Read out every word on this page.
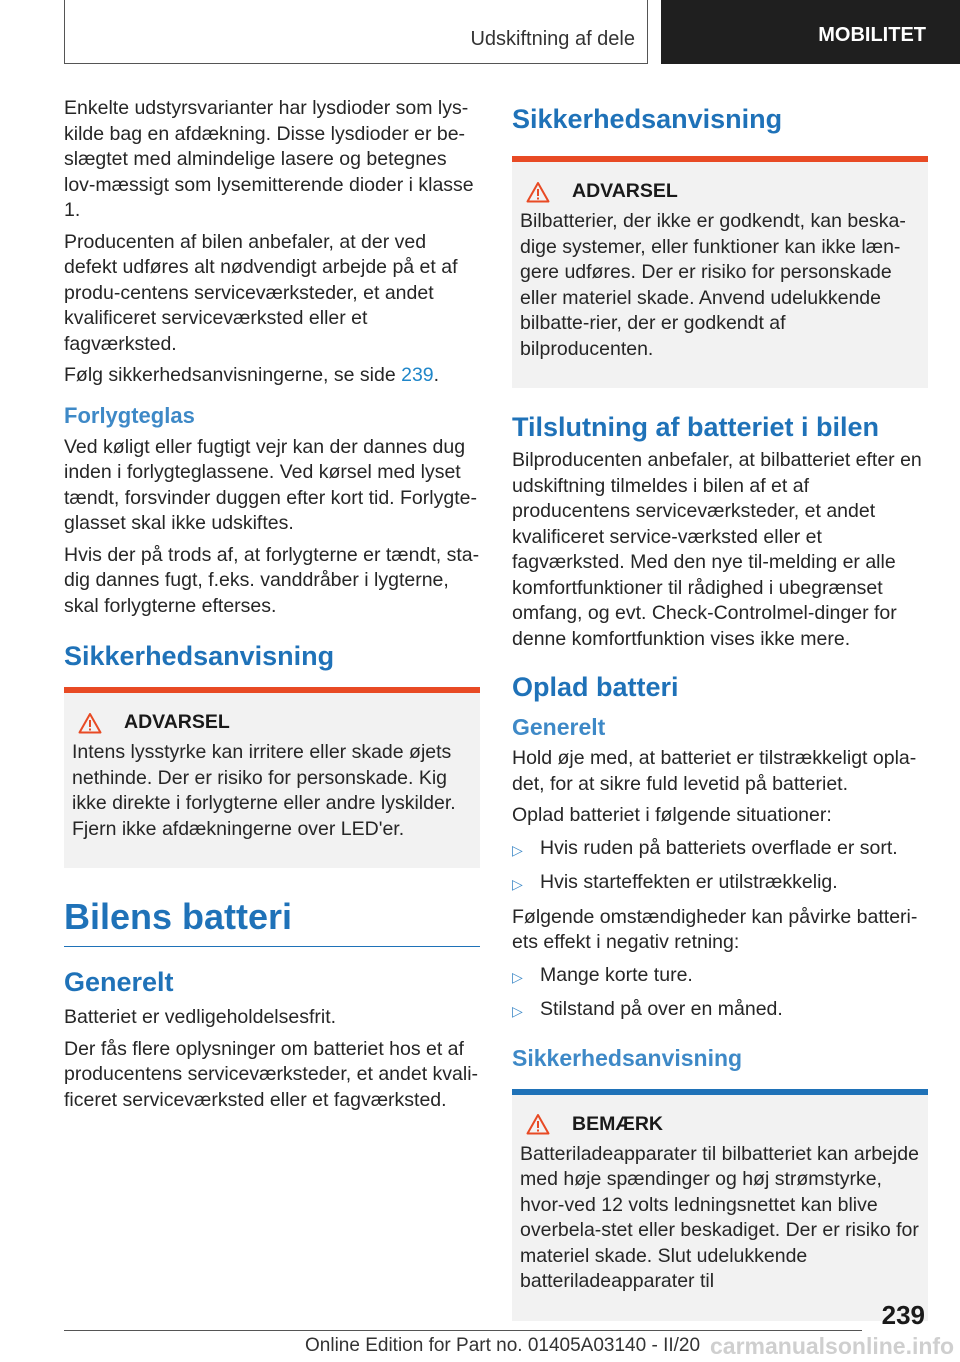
Udskiftning af dele	MOBILITET

Enkelte udstyrsvarianter har lysdioder som lys-kilde bag en afdækning. Disse lysdioder er be-slægtet med almindelige lasere og betegnes lov-mæssigt som lysemitterende dioder i klasse 1.

Producenten af bilen anbefaler, at der ved defekt udføres alt nødvendigt arbejde på et af produ-centens serviceværksteder, et andet kvalificeret serviceværksted eller et fagværksted.

Følg sikkerhedsanvisningerne, se side 239.

Forlygteglas

Ved køligt eller fugtigt vejr kan der dannes dug inden i forlygteglassene. Ved kørsel med lyset tændt, forsvinder duggen efter kort tid. Forlygte-glasset skal ikke udskiftes.

Hvis der på trods af, at forlygterne er tændt, sta-dig dannes fugt, f.eks. vanddråber i lygterne, skal forlygterne efterses.

Sikkerhedsanvisning
ADVARSEL

Intens lysstyrke kan irritere eller skade øjets nethinde. Der er risiko for personskade. Kig ikke direkte i forlygterne eller andre lyskilder. Fjern ikke afdækningerne over LED'er.

Bilens batteri
Generelt

Batteriet er vedligeholdelsesfrit.

Der fås flere oplysninger om batteriet hos et af producentens serviceværksteder, et andet kvali-ficeret serviceværksted eller et fagværksted.

Sikkerhedsanvisning
ADVARSEL

Bilbatterier, der ikke er godkendt, kan beska-dige systemer, eller funktioner kan ikke læn-gere udføres. Der er risiko for personskade eller materiel skade. Anvend udelukkende bilbatte-rier, der er godkendt af bilproducenten.

Tilslutning af batteriet i bilen

Bilproducenten anbefaler, at bilbatteriet efter en udskiftning tilmeldes i bilen af et af producentens serviceværksteder, et andet kvalificeret service-værksted eller et fagværksted. Med den nye til-melding er alle komfortfunktioner til rådighed i ubegrænset omfang, og evt. Check-Controlmel-dinger for denne komfortfunktion vises ikke mere.

Oplad batteri
Generelt

Hold øje med, at batteriet er tilstrækkeligt opla-det, for at sikre fuld levetid på batteriet.

Oplad batteriet i følgende situationer:

▷ Hvis ruden på batteriets overflade er sort.
▷ Hvis starteffekten er utilstrækkelig.

Følgende omstændigheder kan påvirke batteri-ets effekt i negativ retning:

▷ Mange korte ture.
▷ Stilstand på over en måned.
Sikkerhedsanvisning
BEMÆRK

Batteriladeapparater til bilbatteriet kan arbejde med høje spændinger og høj strømstyrke, hvor-ved 12 volts ledningsnettet kan blive overbela-stet eller beskadiget. Der er risiko for materiel skade. Slut udelukkende batteriladeapparater til

239
Online Edition for Part no. 01405A03140 - II/20 carmanualsonline.info
